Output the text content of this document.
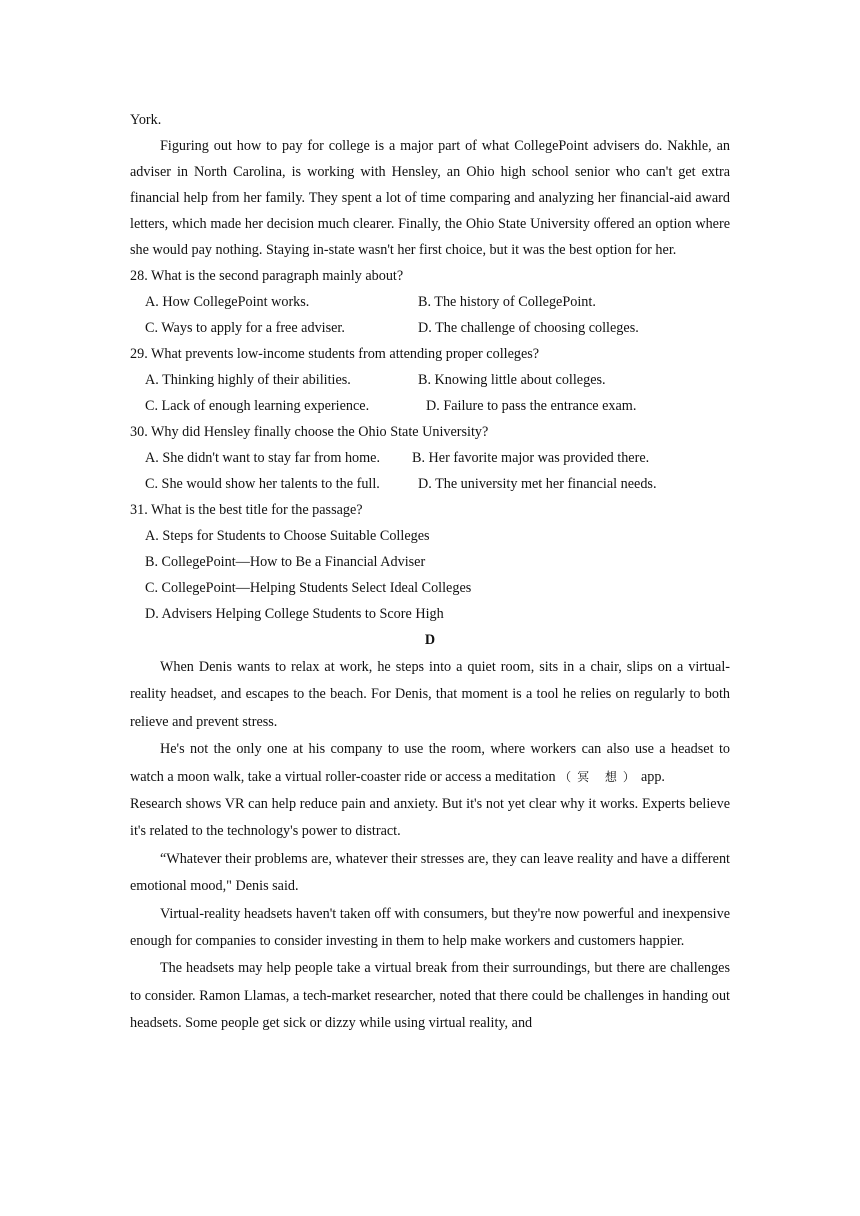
York.

Figuring out how to pay for college is a major part of what CollegePoint advisers do. Nakhle, an adviser in North Carolina, is working with Hensley, an Ohio high school senior who can't get extra financial help from her family. They spent a lot of time comparing and analyzing her financial-aid award letters, which made her decision much clearer. Finally, the Ohio State University offered an option where she would pay nothing. Staying in-state wasn't her first choice, but it was the best option for her.

28. What is the second paragraph mainly about?

A. How CollegePoint works.	B. The history of CollegePoint.
C. Ways to apply for a free adviser.	D. The challenge of choosing colleges.

29. What prevents low-income students from attending proper colleges?

A. Thinking highly of their abilities.	B. Knowing little about colleges.
C. Lack of enough learning experience.	D. Failure to pass the entrance exam.

30. Why did Hensley finally choose the Ohio State University?

A. She didn't want to stay far from home.	B. Her favorite major was provided there.
C. She would show her talents to the full.	D. The university met her financial needs.

31. What is the best title for the passage?

A. Steps for Students to Choose Suitable Colleges
B. CollegePoint—How to Be a Financial Adviser
C. CollegePoint—Helping Students Select Ideal Colleges
D. Advisers Helping College Students to Score High

D

When Denis wants to relax at work, he steps into a quiet room, sits in a chair, slips on a virtual-reality headset, and escapes to the beach. For Denis, that moment is a tool he relies on regularly to both relieve and prevent stress.

He's not the only one at his company to use the room, where workers can also use a headset to watch a moon walk, take a virtual roller-coaster ride or access a meditation （冥 想）app.

Research shows VR can help reduce pain and anxiety. But it's not yet clear why it works. Experts believe it's related to the technology's power to distract.

“Whatever their problems are, whatever their stresses are, they can leave reality and have a different emotional mood," Denis said.

Virtual-reality headsets haven't taken off with consumers, but they're now powerful and inexpensive enough for companies to consider investing in them to help make workers and customers happier.

The headsets may help people take a virtual break from their surroundings, but there are challenges to consider. Ramon Llamas, a tech-market researcher, noted that there could be challenges in handing out headsets. Some people get sick or dizzy while using virtual reality, and
